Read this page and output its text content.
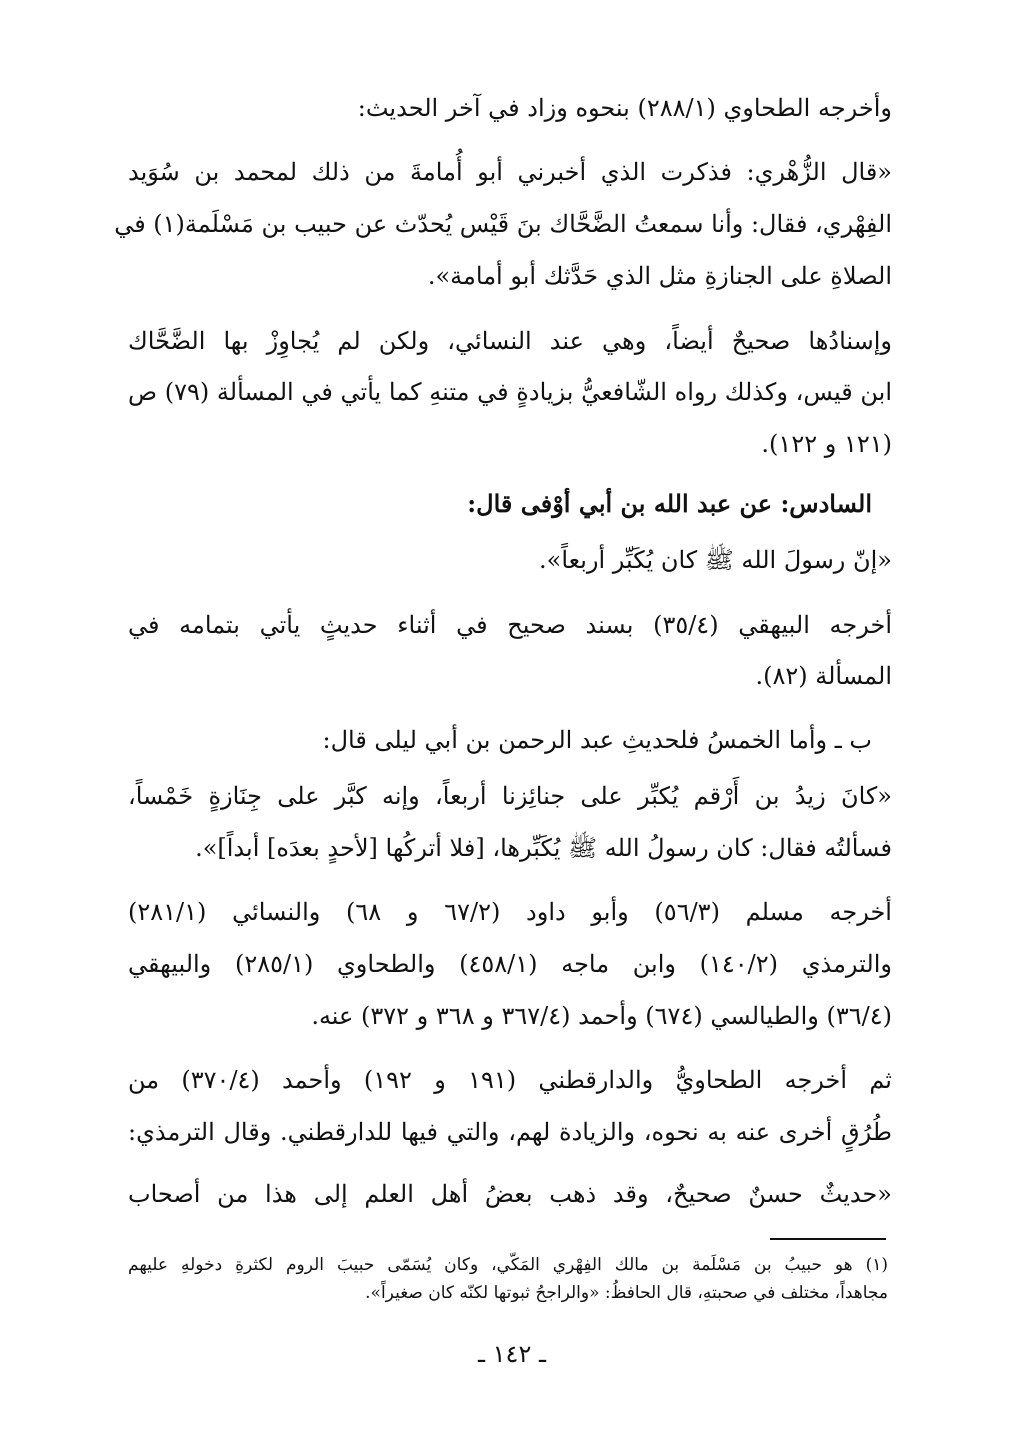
وأخرجه الطحاوي (٢٨٨/١) بنحوه وزاد في آخر الحديث:
«قال الزُّهْري: فذكرت الذي أخبرني أبو أُمامةَ من ذلك لمحمد بن سُوَيد
الفِهْري، فقال: وأنا سمعتُ الضَّحَّاك بنَ قَيْس يُحدّث عن حبيب بن مَسْلَمة(١) في
الصلاةِ على الجنازةِ مثل الذي حَدَّثك أبو أمامة».
وإسنادُها صحيحٌ أيضاً، وهي عند النسائي، ولكن لم يُجاوِزْ بها الضَّحَّاك
ابن قيس، وكذلك رواه الشّافعيُّ بزيادةٍ في متنهِ كما يأتي في المسألة (٧٩) ص
(١٢١ و ١٢٢).
السادس: عن عبد الله بن أبي أوْفى قال:
«إنّ رسولَ الله ﷺ كان يُكَبِّر أربعاً».
أخرجه البيهقي (٣٥/٤) بسند صحيح في أثناء حديثٍ يأتي بتمامه في
المسألة (٨٢).
ب ـ وأما الخمسُ فلحديثِ عبد الرحمن بن أبي ليلى قال:
«كانَ زيدُ بن أَرْقم يُكبِّر على جنائِزنا أربعاً، وإنه كبَّر على جِنَازةٍ خَمْساً،
فسألتُه فقال: كان رسولُ الله ﷺ يُكَبِّرها، [فلا أتركُها [لأحدٍ بعدَه] أبداً]».
أخرجه مسلم (٥٦/٣) وأبو داود (٦٧/٢ و ٦٨) والنسائي (٢٨١/١)
والترمذي (١٤٠/٢) وابن ماجه (٤٥٨/١) والطحاوي (٢٨٥/١) والبيهقي
(٣٦/٤) والطيالسي (٦٧٤) وأحمد (٣٦٧/٤ و ٣٦٨ و ٣٧٢) عنه.
ثم أخرجه الطحاويُّ والدارقطني (١٩١ و ١٩٢) وأحمد (٣٧٠/٤) من
طُرُقٍ أخرى عنه به نحوه، والزيادة لهم، والتي فيها للدارقطني. وقال الترمذي:
«حديثٌ حسنٌ صحيحٌ، وقد ذهب بعضُ أهل العلم إلى هذا من أصحاب
(١) هو حبيبُ بن مَسْلَمة بن مالك الفِهْري المَكّي، وكان يُسَمّى حبيبَ الروم لكثرةِ دخولهِ عليهم
مجاهداً، مختلف في صحبتهِ، قال الحافظُ: «والراجحُ ثبوتها لكنّه كان صغيراً».
ـ ١٤٢ ـ
